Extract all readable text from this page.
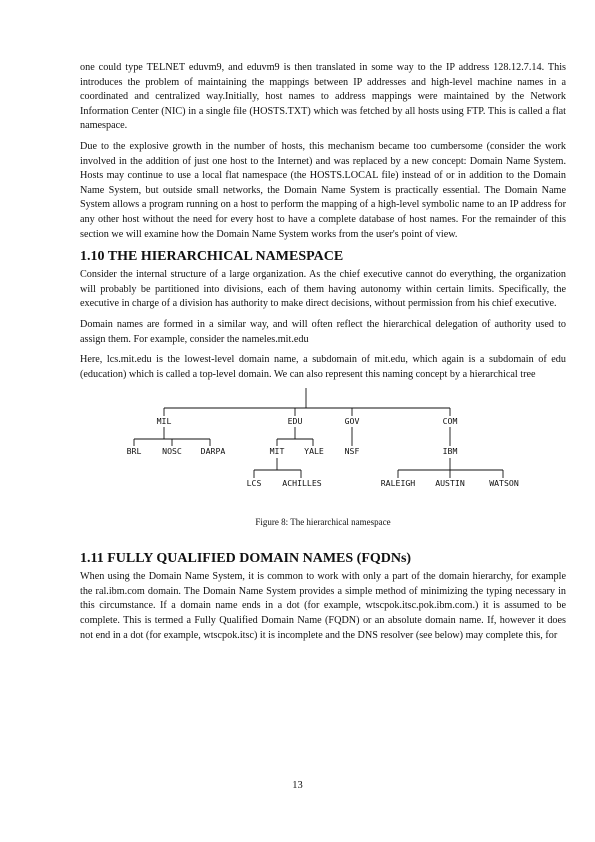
one could type TELNET eduvm9, and eduvm9 is then translated in some way to the IP address 128.12.7.14. This introduces the problem of maintaining the mappings between IP addresses and high-level machine names in a coordinated and centralized way.Initially, host names to address mappings were maintained by the Network Information Center (NIC) in a single file (HOSTS.TXT) which was fetched by all hosts using FTP. This is called a flat namespace.

Due to the explosive growth in the number of hosts, this mechanism became too cumbersome (consider the work involved in the addition of just one host to the Internet) and was replaced by a new concept: Domain Name System. Hosts may continue to use a local flat namespace (the HOSTS.LOCAL file) instead of or in addition to the Domain Name System, but outside small networks, the Domain Name System is practically essential. The Domain Name System allows a program running on a host to perform the mapping of a high-level symbolic name to an IP address for any other host without the need for every host to have a complete database of host names. For the remainder of this section we will examine how the Domain Name System works from the user's point of view.

1.10 THE HIERARCHICAL NAMESPACE

Consider the internal structure of a large organization. As the chief executive cannot do everything, the organization will probably be partitioned into divisions, each of them having autonomy within certain limits. Specifically, the executive in charge of a division has authority to make direct decisions, without permission from his chief executive.

Domain names are formed in a similar way, and will often reflect the hierarchical delegation of authority used to assign them. For example, consider the nameles.mit.edu

Here, lcs.mit.edu is the lowest-level domain name, a subdomain of mit.edu, which again is a subdomain of edu (education) which is called a top-level domain. We can also represent this naming concept by a hierarchical tree

MIL	EDU	GOV	COM
BRL	NOSC DARPA	MIT YALE	NSF	IBM
LCS	ACHILLES	RALEIGH AUSTIN	WATSON
Figure 8: The hierarchical namespace
1.11 FULLY QUALIFIED DOMAIN NAMES (FQDNs)

When using the Domain Name System, it is common to work with only a part of the domain hierarchy, for example the ral.ibm.com domain. The Domain Name System provides a simple method of minimizing the typing necessary in this circumstance. If a domain name ends in a dot (for example, wtscpok.itsc.pok.ibm.com.) it is assumed to be complete. This is termed a Fully Qualified Domain Name (FQDN) or an absolute domain name. If, however it does not end in a dot (for example, wtscpok.itsc) it is incomplete and the DNS resolver (see below) may complete this, for

13
